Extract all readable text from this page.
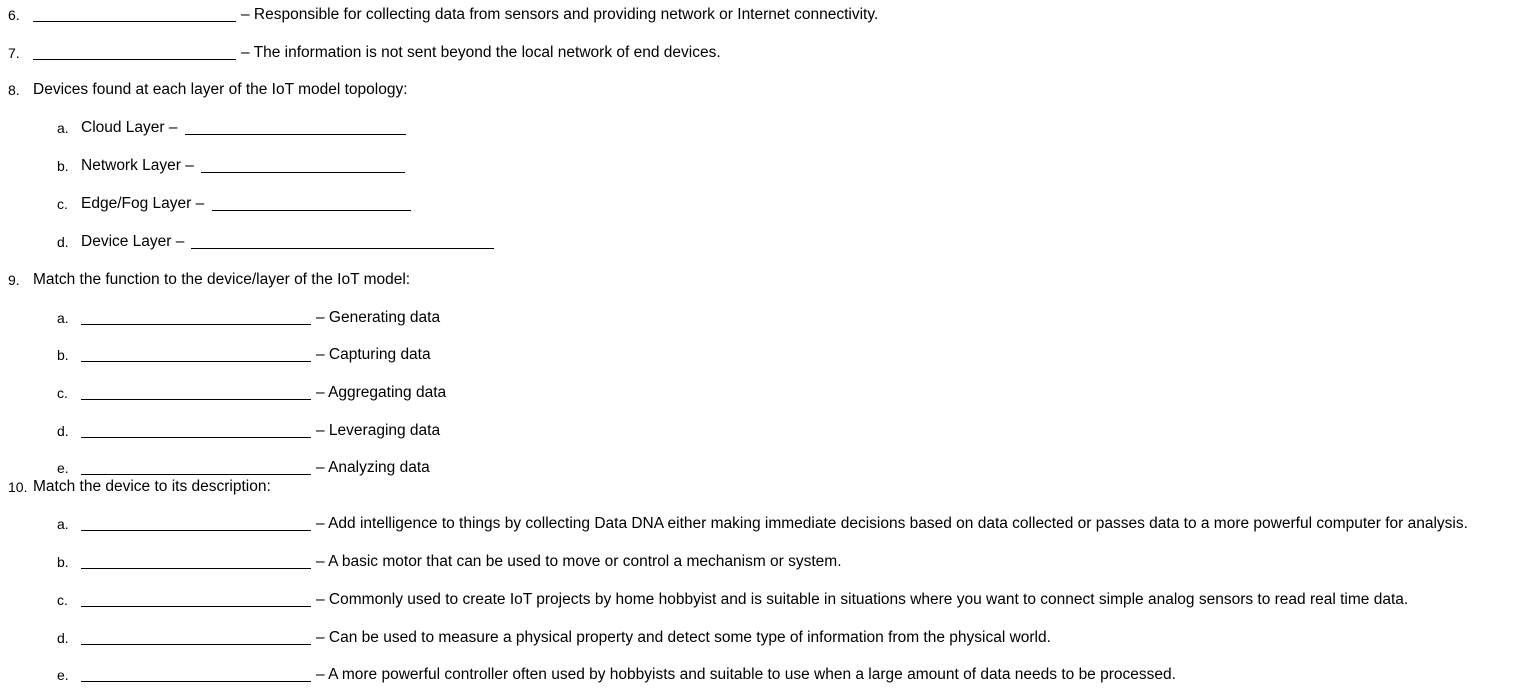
6.	– Responsible for collecting data from sensors and providing network or Internet connectivity.
7.	– The information is not sent beyond the local network of end devices.
8. Devices found at each layer of the IoT model topology:
a. Cloud Layer –
b. Network Layer –
c. Edge/Fog Layer –
d. Device Layer –
9. Match the function to the device/layer of the IoT model:
a.	– Generating data
b.	– Capturing data
c.	– Aggregating data
d.	– Leveraging data
e.	– Analyzing data
10. Match the device to its description:
a.	– Add intelligence to things by collecting Data DNA either making immediate decisions based on data collected or passes data to a more powerful computer for analysis.
b.	– A basic motor that can be used to move or control a mechanism or system.
c.	– Commonly used to create IoT projects by home hobbyist and is suitable in situations where you want to connect simple analog sensors to read real time data.
d.	– Can be used to measure a physical property and detect some type of information from the physical world.
e.	– A more powerful controller often used by hobbyists and suitable to use when a large amount of data needs to be processed.
